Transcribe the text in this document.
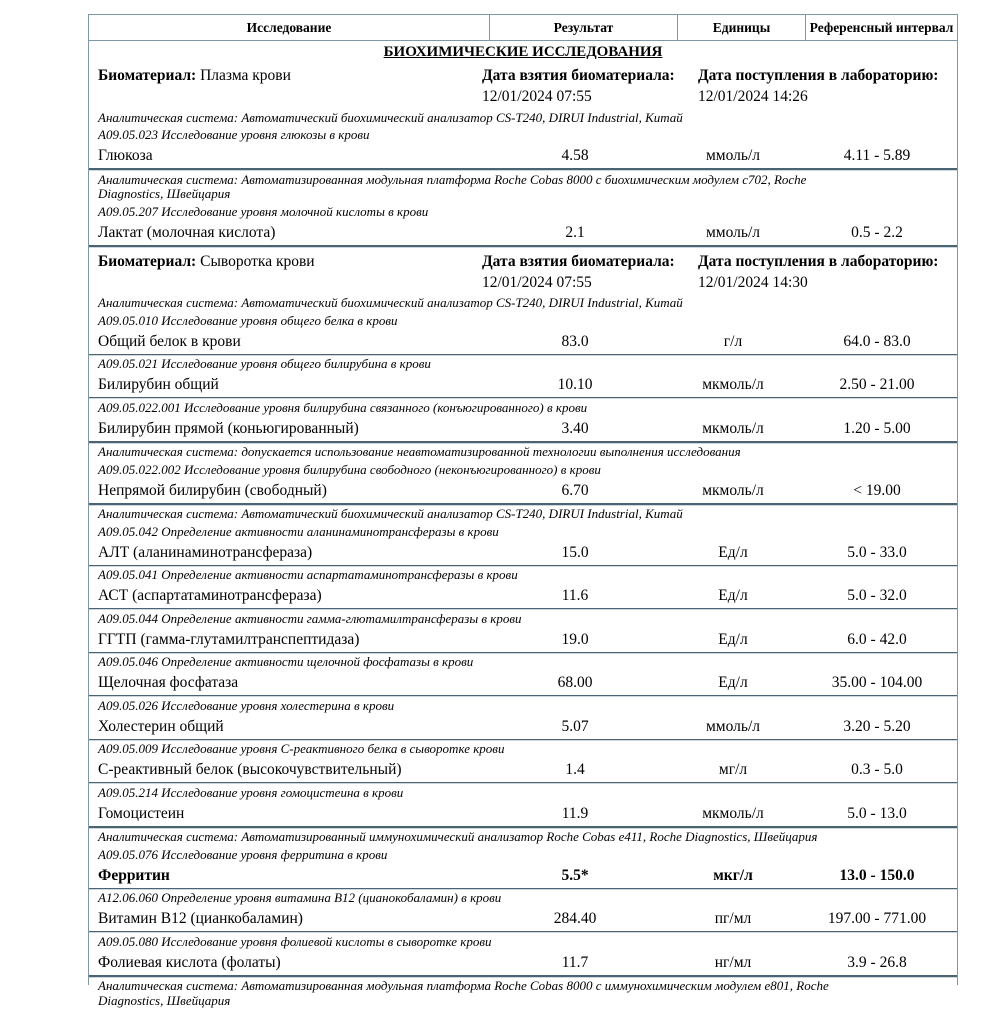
Исследование	Результат	Единицы	Референсный интервал
БИОХИМИЧЕСКИЕ ИССЛЕДОВАНИЯ
Биоматериал: Плазма крови	Дата взятия биоматериала:
12/01/2024 07:55
Дата поступления в лабораторию:
12/01/2024 14:26
Аналитическая система: Автоматический биохимический анализатор CS-T240, DIRUI Industrial, Китай
A09.05.023 Исследование уровня глюкозы в крови
Глюкоза	4.58	ммоль/л	4.11 - 5.89
Аналитическая система: Автоматизированная модульная платформа Roche Cobas 8000 с биохимическим модулем c702, Roche Diagnostics, Швейцария
A09.05.207 Исследование уровня молочной кислоты в крови
Лактат (молочная кислота)	2.1	ммоль/л	0.5 - 2.2
Биоматериал: Сыворотка крови	Дата взятия биоматериала:
12/01/2024 07:55
Дата поступления в лабораторию:
12/01/2024 14:30
Аналитическая система: Автоматический биохимический анализатор CS-T240, DIRUI Industrial, Китай
A09.05.010 Исследование уровня общего белка в крови
Общий белок в крови	83.0	г/л	64.0 - 83.0
A09.05.021 Исследование уровня общего билирубина в крови
Билирубин общий	10.10	мкмоль/л	2.50 - 21.00
A09.05.022.001 Исследование уровня билирубина связанного (конъюгированного) в крови
Билирубин прямой (коньюгированный)	3.40	мкмоль/л	1.20 - 5.00
Аналитическая система: допускается использование неавтоматизированной технологии выполнения исследования
A09.05.022.002 Исследование уровня билирубина свободного (неконъюгированного) в крови
Непрямой билирубин (свободный)	6.70	мкмоль/л	< 19.00
Аналитическая система: Автоматический биохимический анализатор CS-T240, DIRUI Industrial, Китай
A09.05.042 Определение активности аланинаминотрансферазы в крови
АЛТ (аланинаминотрансфераза)	15.0	Ед/л	5.0 - 33.0
A09.05.041 Определение активности аспартатаминотрансферазы в крови
АСТ (аспартатаминотрансфераза)	11.6	Ед/л	5.0 - 32.0
A09.05.044 Определение активности гамма-глютамилтрансферазы в крови
ГГТП (гамма-глутамилтранспептидаза)	19.0	Ед/л	6.0 - 42.0
A09.05.046 Определение активности щелочной фосфатазы в крови
Щелочная фосфатаза	68.00	Ед/л	35.00 - 104.00
A09.05.026 Исследование уровня холестерина в крови
Холестерин общий	5.07	ммоль/л	3.20 - 5.20
A09.05.009 Исследование уровня С-реактивного белка в сыворотке крови
С-реактивный белок (высокочувствительный)	1.4	мг/л	0.3 - 5.0
A09.05.214 Исследование уровня гомоцистеина в крови
Гомоцистеин	11.9	мкмоль/л	5.0 - 13.0
Аналитическая система: Автоматизированный иммунохимический анализатор Roche Cobas e411, Roche Diagnostics, Швейцария
A09.05.076 Исследование уровня ферритина в крови
Ферритин	5.5*	мкг/л	13.0 - 150.0
A12.06.060 Определение уровня витамина B12 (цианокобаламин) в крови
Витамин B12 (цианкобаламин)	284.40	пг/мл	197.00 - 771.00
A09.05.080 Исследование уровня фолиевой кислоты в сыворотке крови
Фолиевая кислота (фолаты)	11.7	нг/мл	3.9 - 26.8
Аналитическая система: Автоматизированная модульная платформа Roche Cobas 8000 с иммунохимическим модулем e801, Roche Diagnostics, Швейцария
